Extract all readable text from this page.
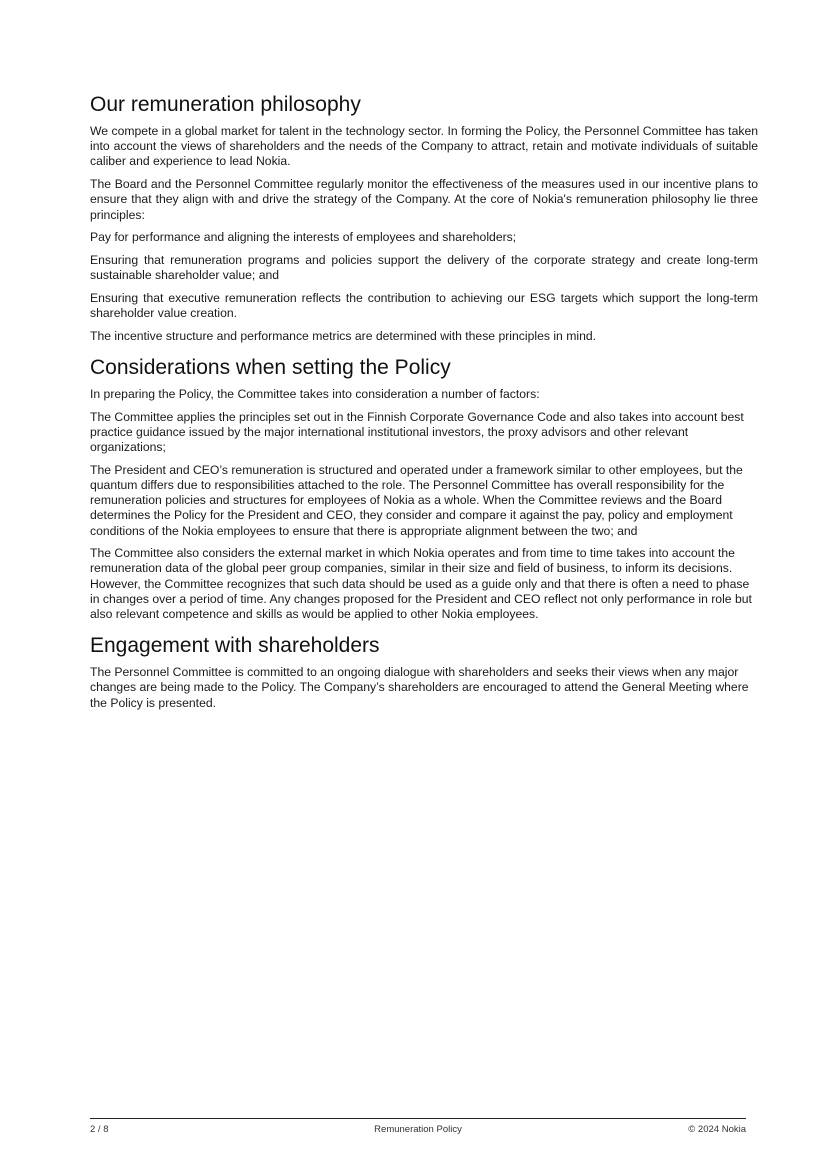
Our remuneration philosophy

We compete in a global market for talent in the technology sector. In forming the Policy, the Personnel Committee has taken into account the views of shareholders and the needs of the Company to attract, retain and motivate individuals of suitable caliber and experience to lead Nokia.

The Board and the Personnel Committee regularly monitor the effectiveness of the measures used in our incentive plans to ensure that they align with and drive the strategy of the Company. At the core of Nokia's remuneration philosophy lie three principles:

Pay for performance and aligning the interests of employees and shareholders;

Ensuring that remuneration programs and policies support the delivery of the corporate strategy and create long-term sustainable shareholder value; and

Ensuring that executive remuneration reflects the contribution to achieving our ESG targets which support the long-term shareholder value creation.

The incentive structure and performance metrics are determined with these principles in mind.

Considerations when setting the Policy

In preparing the Policy, the Committee takes into consideration a number of factors:

The Committee applies the principles set out in the Finnish Corporate Governance Code and also takes into account best practice guidance issued by the major international institutional investors, the proxy advisors and other relevant organizations;

The President and CEO’s remuneration is structured and operated under a framework similar to other employees, but the quantum differs due to responsibilities attached to the role. The Personnel Committee has overall responsibility for the remuneration policies and structures for employees of Nokia as a whole. When the Committee reviews and the Board determines the Policy for the President and CEO, they consider and compare it against the pay, policy and employment conditions of the Nokia employees to ensure that there is appropriate alignment between the two; and

The Committee also considers the external market in which Nokia operates and from time to time takes into account the remuneration data of the global peer group companies, similar in their size and field of business, to inform its decisions. However, the Committee recognizes that such data should be used as a guide only and that there is often a need to phase in changes over a period of time. Any changes proposed for the President and CEO reflect not only performance in role but also relevant competence and skills as would be applied to other Nokia employees.

Engagement with shareholders

The Personnel Committee is committed to an ongoing dialogue with shareholders and seeks their views when any major changes are being made to the Policy. The Company’s shareholders are encouraged to attend the General Meeting where the Policy is presented.

2 / 8	Remuneration Policy	© 2024 Nokia
